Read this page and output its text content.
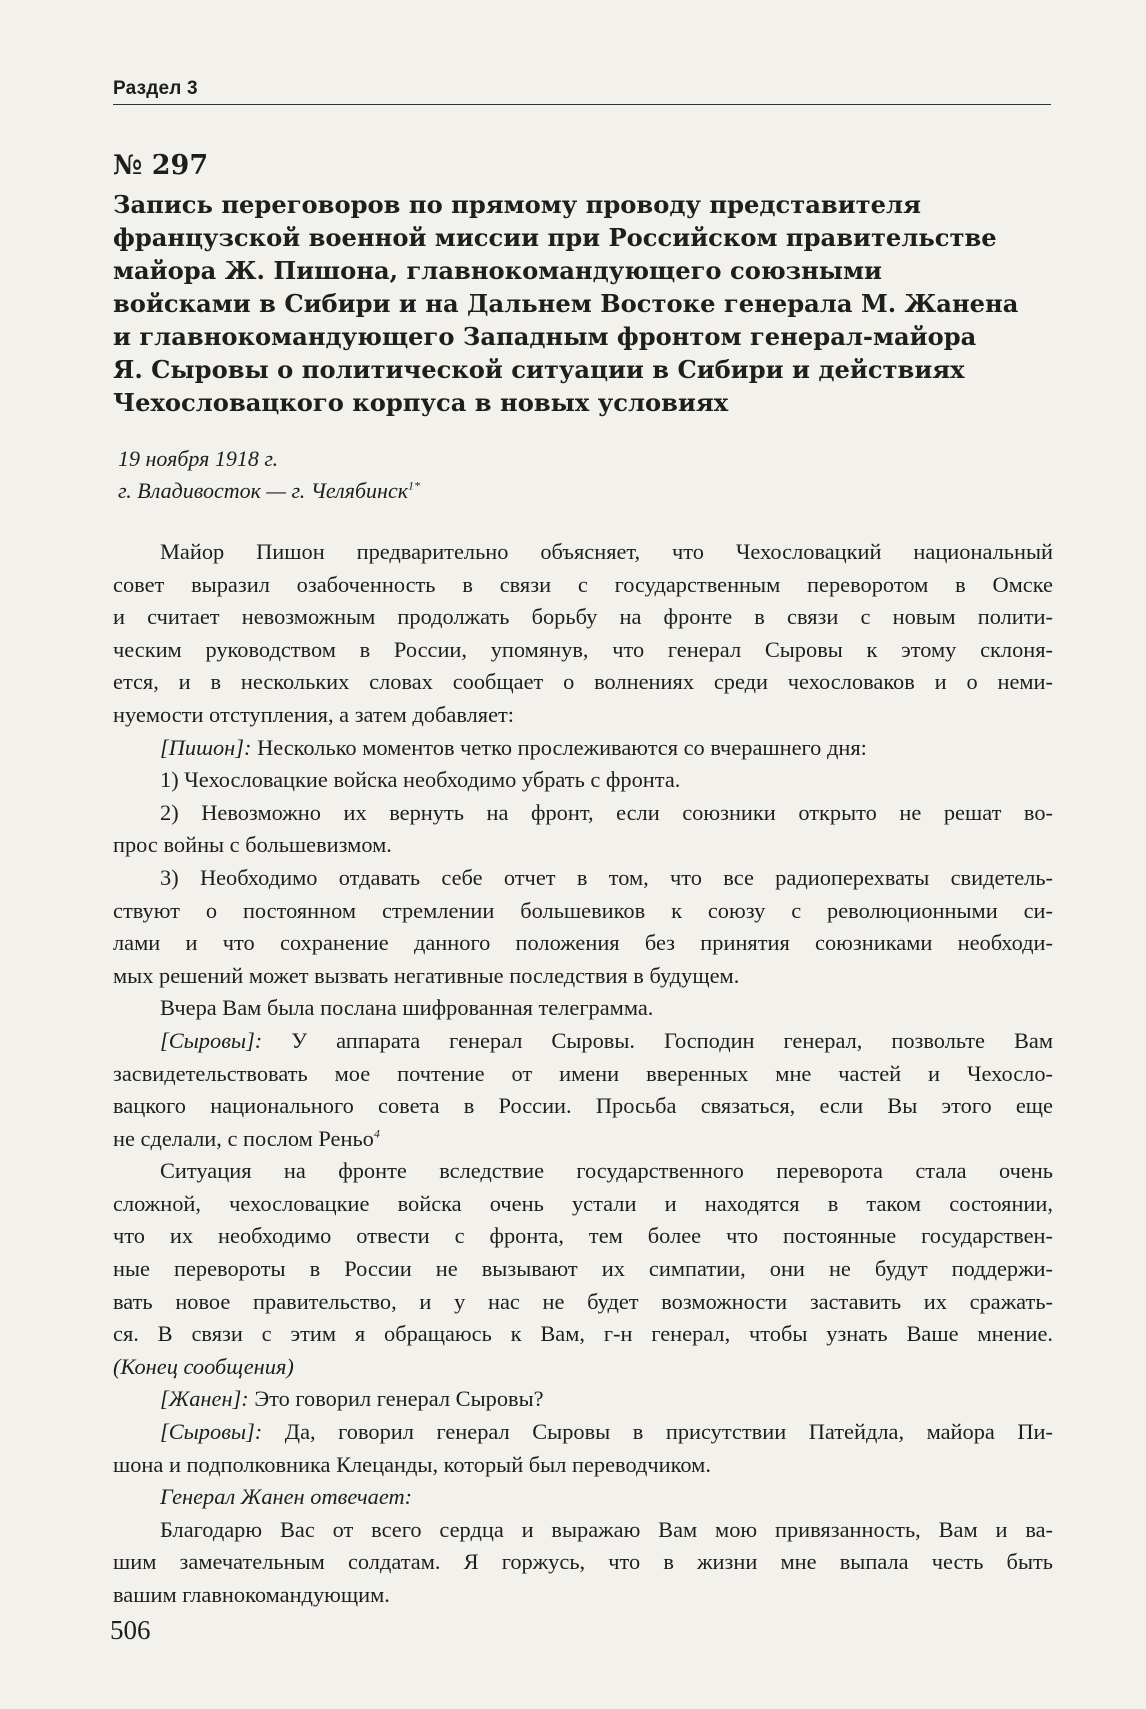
Раздел 3
№ 297
Запись переговоров по прямому проводу представителя
французской военной миссии при Российском правительстве
майора Ж. Пишона, главнокомандующего союзными
войсками в Сибири и на Дальнем Востоке генерала М. Жанена
и главнокомандующего Западным фронтом генерал-майора
Я. Сыровы о политической ситуации в Сибири и действиях
Чехословацкого корпуса в новых условиях
19 ноября 1918 г.
г. Владивосток — г. Челябинск$^{1*}$
Майор Пишон предварительно объясняет, что Чехословацкий национальный
совет выразил озабоченность в связи с государственным переворотом в Омске
и считает невозможным продолжать борьбу на фронте в связи с новым полити-
ческим руководством в России, упомянув, что генерал Сыровы к этому склоня-
ется, и в нескольких словах сообщает о волнениях среди чехословаков и о неми-
нуемости отступления, а затем добавляет:
[Пишон]: Несколько моментов четко прослеживаются со вчерашнего дня:
1) Чехословацкие войска необходимо убрать с фронта.
2) Невозможно их вернуть на фронт, если союзники открыто не решат во-
прос войны с большевизмом.
3) Необходимо отдавать себе отчет в том, что все радиоперехваты свидетель-
ствуют о постоянном стремлении большевиков к союзу с революционными си-
лами и что сохранение данного положения без принятия союзниками необходи-
мых решений может вызвать негативные последствия в будущем.
Вчера Вам была послана шифрованная телеграмма.
[Сыровы]: У аппарата генерал Сыровы. Господин генерал, позвольте Вам
засвидетельствовать мое почтение от имени вверенных мне частей и Чехосло-
вацкого национального совета в России. Просьба связаться, если Вы этого еще
не сделали, с послом Реньо$^4$
Ситуация на фронте вследствие государственного переворота стала очень
сложной, чехословацкие войска очень устали и находятся в таком состоянии,
что их необходимо отвести с фронта, тем более что постоянные государствен-
ные перевороты в России не вызывают их симпатии, они не будут поддержи-
вать новое правительство, и у нас не будет возможности заставить их сражать-
ся. В связи с этим я обращаюсь к Вам, г-н генерал, чтобы узнать Ваше мнение.
(Конец сообщения)
[Жанен]: Это говорил генерал Сыровы?
[Сыровы]: Да, говорил генерал Сыровы в присутствии Патейдла, майора Пи-
шона и подполковника Клецанды, который был переводчиком.
Генерал Жанен отвечает:
Благодарю Вас от всего сердца и выражаю Вам мою привязанность, Вам и ва-
шим замечательным солдатам. Я горжусь, что в жизни мне выпала честь быть
вашим главнокомандующим.
506
